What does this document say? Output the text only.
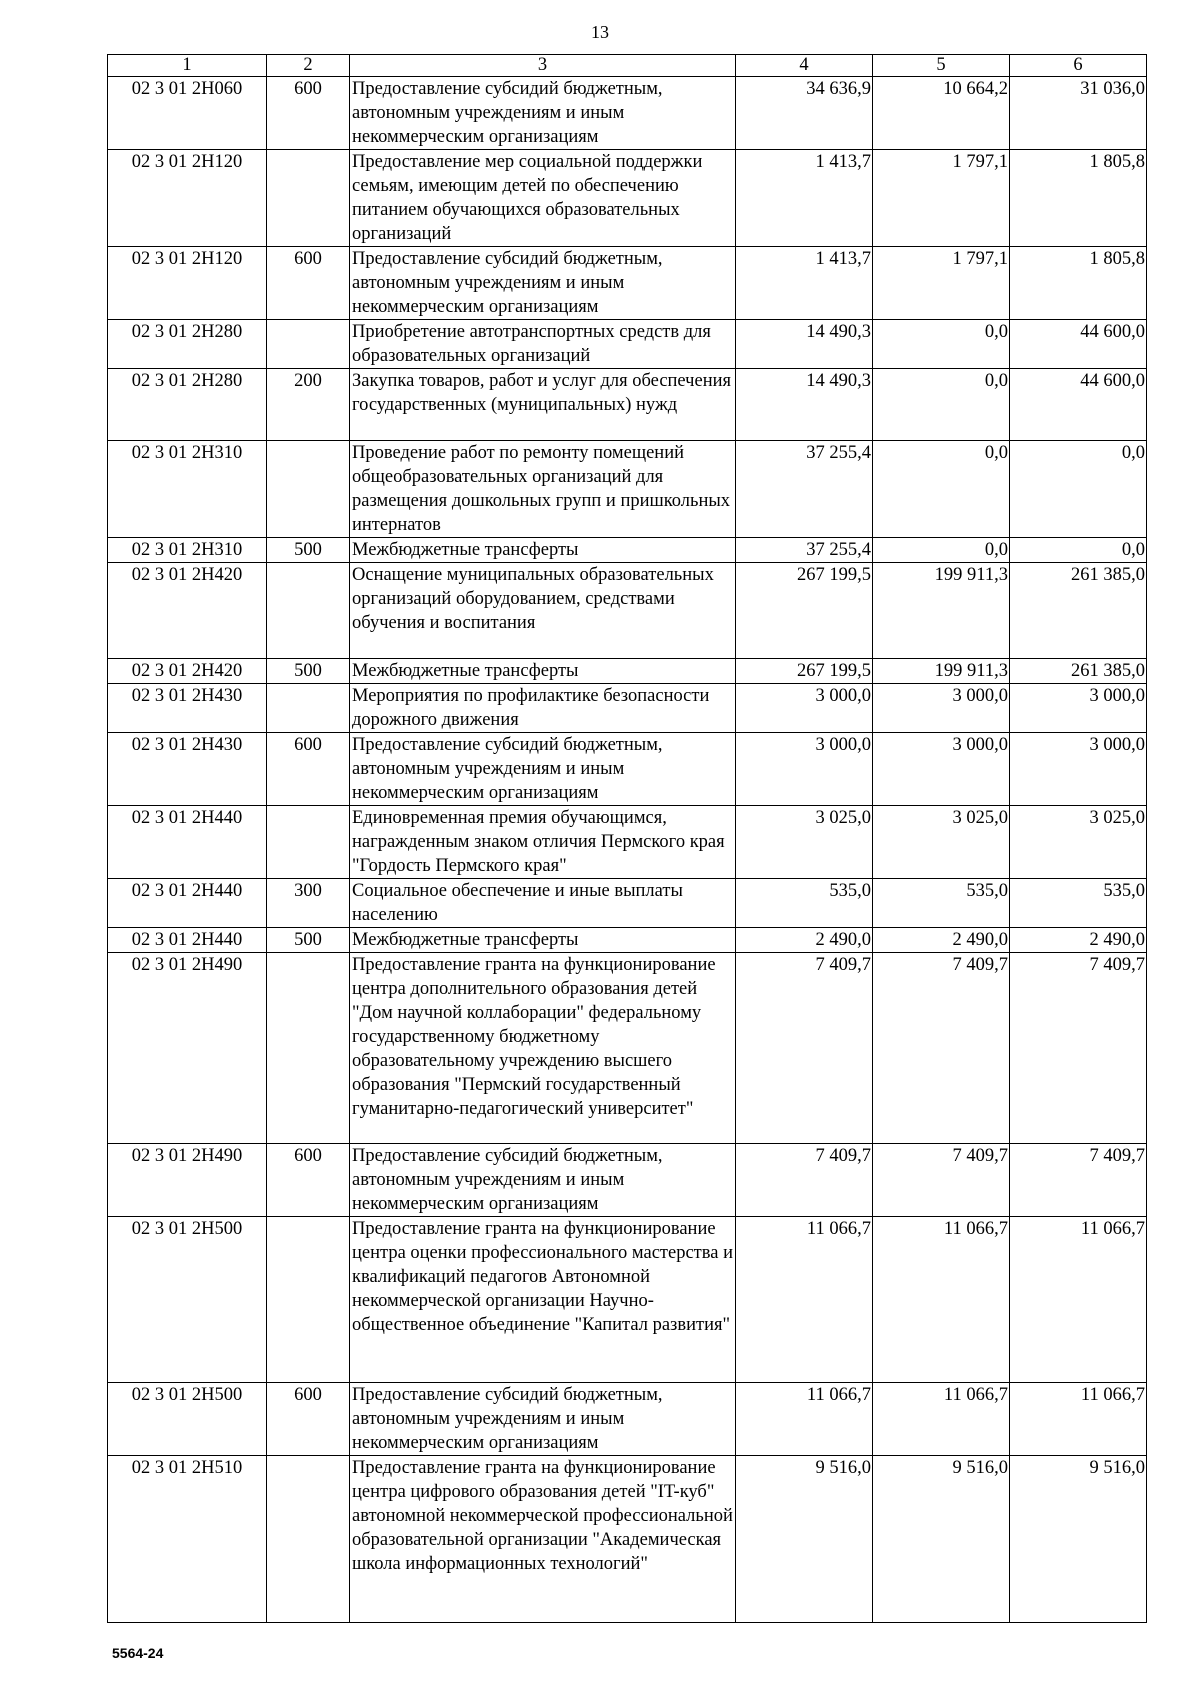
13
1	2	3	4	5	6
02 3 01 2Н060	600	Предоставление субсидий бюджетным, автономным учреждениям и иным некоммерческим организациям	34 636,9	10 664,2	31 036,0
02 3 01 2Н120		Предоставление мер социальной поддержки семьям, имеющим детей по обеспечению питанием обучающихся образовательных организаций	1 413,7	1 797,1	1 805,8
02 3 01 2Н120	600	Предоставление субсидий бюджетным, автономным учреждениям и иным некоммерческим организациям	1 413,7	1 797,1	1 805,8
02 3 01 2Н280		Приобретение автотранспортных средств для образовательных организаций	14 490,3	0,0	44 600,0
02 3 01 2Н280	200	Закупка товаров, работ и услуг для обеспечения государственных (муниципальных) нужд	14 490,3	0,0	44 600,0
02 3 01 2Н310		Проведение работ по ремонту помещений общеобразовательных организаций для размещения дошкольных групп и пришкольных интернатов	37 255,4	0,0	0,0
02 3 01 2Н310	500	Межбюджетные трансферты	37 255,4	0,0	0,0
02 3 01 2Н420		Оснащение муниципальных образовательных организаций оборудованием, средствами обучения и воспитания	267 199,5	199 911,3	261 385,0
02 3 01 2Н420	500	Межбюджетные трансферты	267 199,5	199 911,3	261 385,0
02 3 01 2Н430		Мероприятия по профилактике безопасности дорожного движения	3 000,0	3 000,0	3 000,0
02 3 01 2Н430	600	Предоставление субсидий бюджетным, автономным учреждениям и иным некоммерческим организациям	3 000,0	3 000,0	3 000,0
02 3 01 2Н440		Единовременная премия обучающимся, награжденным знаком отличия Пермского края "Гордость Пермского края"	3 025,0	3 025,0	3 025,0
02 3 01 2Н440	300	Социальное обеспечение и иные выплаты населению	535,0	535,0	535,0
02 3 01 2Н440	500	Межбюджетные трансферты	2 490,0	2 490,0	2 490,0
02 3 01 2Н490		Предоставление гранта на функционирование центра дополнительного образования детей "Дом научной коллаборации" федеральному государственному бюджетному образовательному учреждению высшего образования "Пермский государственный гуманитарно-педагогический университет"	7 409,7	7 409,7	7 409,7
02 3 01 2Н490	600	Предоставление субсидий бюджетным, автономным учреждениям и иным некоммерческим организациям	7 409,7	7 409,7	7 409,7
02 3 01 2Н500		Предоставление гранта на функционирование центра оценки профессионального мастерства и квалификаций педагогов Автономной некоммерческой организации Научно-общественное объединение "Капитал развития"	11 066,7	11 066,7	11 066,7
02 3 01 2Н500	600	Предоставление субсидий бюджетным, автономным учреждениям и иным некоммерческим организациям	11 066,7	11 066,7	11 066,7
02 3 01 2Н510		Предоставление гранта на функционирование центра цифрового образования детей "IT-куб" автономной некоммерческой профессиональной образовательной организации "Академическая школа информационных технологий"	9 516,0	9 516,0	9 516,0
5564-24
